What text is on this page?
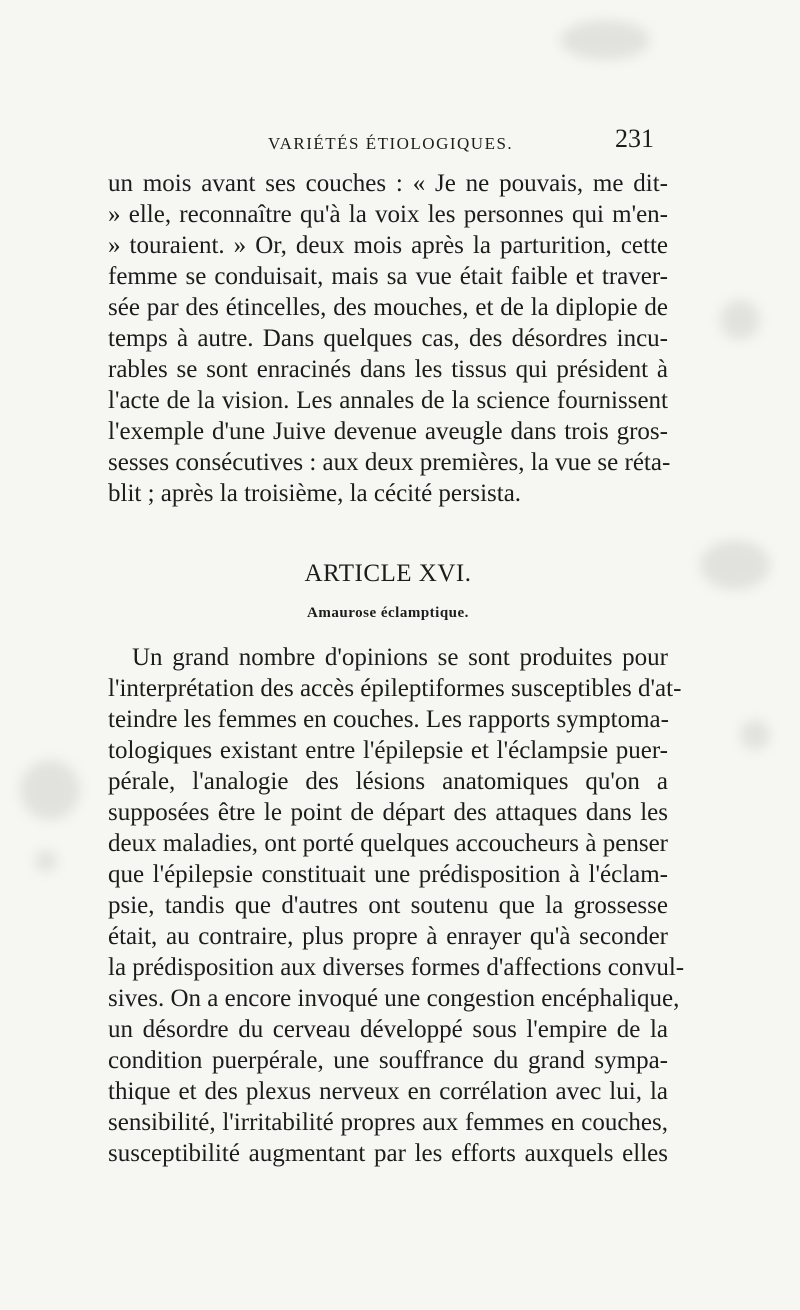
VARIÉTÉS ÉTIOLOGIQUES.	231
un mois avant ses couches : « Je ne pouvais, me dit-
» elle, reconnaître qu'à la voix les personnes qui m'en-
» touraient. » Or, deux mois après la parturition, cette
femme se conduisait, mais sa vue était faible et traver-
sée par des étincelles, des mouches, et de la diplopie de
temps à autre. Dans quelques cas, des désordres incu-
rables se sont enracinés dans les tissus qui président à
l'acte de la vision. Les annales de la science fournissent
l'exemple d'une Juive devenue aveugle dans trois gros-
sesses consécutives : aux deux premières, la vue se réta-
blit ; après la troisième, la cécité persista.
ARTICLE XVI.
Amaurose éclamptique.
Un grand nombre d'opinions se sont produites pour
l'interprétation des accès épileptiformes susceptibles d'at-
teindre les femmes en couches. Les rapports symptoma-
tologiques existant entre l'épilepsie et l'éclampsie puer-
pérale, l'analogie des lésions anatomiques qu'on a
supposées être le point de départ des attaques dans les
deux maladies, ont porté quelques accoucheurs à penser
que l'épilepsie constituait une prédisposition à l'éclam-
psie, tandis que d'autres ont soutenu que la grossesse
était, au contraire, plus propre à enrayer qu'à seconder
la prédisposition aux diverses formes d'affections convul-
sives. On a encore invoqué une congestion encéphalique,
un désordre du cerveau développé sous l'empire de la
condition puerpérale, une souffrance du grand sympa-
thique et des plexus nerveux en corrélation avec lui, la
sensibilité, l'irritabilité propres aux femmes en couches,
susceptibilité augmentant par les efforts auxquels elles
